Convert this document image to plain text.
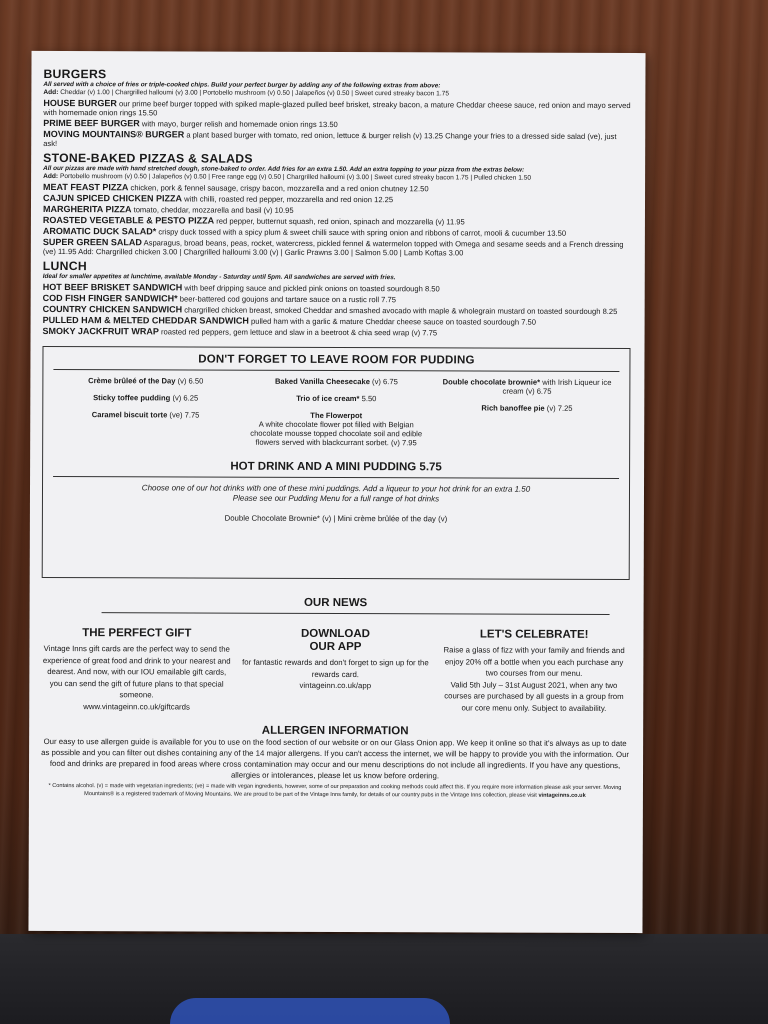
BURGERS
All served with a choice of fries or triple-cooked chips. Build your perfect burger by adding any of the following extras from above:
Add: Cheddar (v) 1.00 | Chargrilled halloumi (v) 3.00 | Portobello mushroom (v) 0.50 | Jalapeños (v) 0.50 | Sweet cured streaky bacon 1.75
HOUSE BURGER our prime beef burger topped with spiked maple-glazed pulled beef brisket, streaky bacon, a mature Cheddar cheese sauce, red onion and mayo served with homemade onion rings 15.50
PRIME BEEF BURGER with mayo, burger relish and homemade onion rings 13.50
MOVING MOUNTAINS® BURGER a plant based burger with tomato, red onion, lettuce & burger relish (v) 13.25 Change your fries to a dressed side salad (ve), just ask!
STONE-BAKED PIZZAS & SALADS
All our pizzas are made with hand stretched dough, stone-baked to order. Add fries for an extra 1.50. Add an extra topping to your pizza from the extras below:
Add: Portobello mushroom (v) 0.50 | Jalapeños (v) 0.50 | Free range egg (v) 0.50 | Chargrilled halloumi (v) 3.00 | Sweet cured streaky bacon 1.75 | Pulled chicken 1.50
MEAT FEAST PIZZA chicken, pork & fennel sausage, crispy bacon, mozzarella and a red onion chutney 12.50
CAJUN SPICED CHICKEN PIZZA with chilli, roasted red pepper, mozzarella and red onion 12.25
MARGHERITA PIZZA tomato, cheddar, mozzarella and basil (v) 10.95
ROASTED VEGETABLE & PESTO PIZZA red pepper, butternut squash, red onion, spinach and mozzarella (v) 11.95
AROMATIC DUCK SALAD* crispy duck tossed with a spicy plum & sweet chilli sauce with spring onion and ribbons of carrot, mooli & cucumber 13.50
SUPER GREEN SALAD Asparagus, broad beans, peas, rocket, watercress, pickled fennel & watermelon topped with Omega and sesame seeds and a French dressing (ve) 11.95 Add: Chargrilled chicken 3.00 | Chargrilled halloumi 3.00 (v) | Garlic Prawns 3.00 | Salmon 5.00 | Lamb Koftas 3.00
LUNCH
Ideal for smaller appetites at lunchtime, available Monday - Saturday until 5pm. All sandwiches are served with fries.
HOT BEEF BRISKET SANDWICH with beef dripping sauce and pickled pink onions on toasted sourdough 8.50
COD FISH FINGER SANDWICH* beer-battered cod goujons and tartare sauce on a rustic roll 7.75
COUNTRY CHICKEN SANDWICH chargrilled chicken breast, smoked Cheddar and smashed avocado with maple & wholegrain mustard on toasted sourdough 8.25
PULLED HAM & MELTED CHEDDAR SANDWICH pulled ham with a garlic & mature Cheddar cheese sauce on toasted sourdough 7.50
SMOKY JACKFRUIT WRAP roasted red peppers, gem lettuce and slaw in a beetroot & chia seed wrap (v) 7.75
DON'T FORGET TO LEAVE ROOM FOR PUDDING
Crème brûleé of the Day (v) 6.50
Sticky toffee pudding (v) 6.25
Caramel biscuit torte (ve) 7.75
Baked Vanilla Cheesecake (v) 6.75
Trio of ice cream* 5.50
The Flowerpot
A white chocolate flower pot filled with Belgian chocolate mousse topped chocolate soil and edible flowers served with blackcurrant sorbet. (v) 7.95
Double chocolate brownie* with Irish Liqueur ice cream (v) 6.75
Rich banoffee pie (v) 7.25
HOT DRINK AND A MINI PUDDING 5.75
Choose one of our hot drinks with one of these mini puddings. Add a liqueur to your hot drink for an extra 1.50
Please see our Pudding Menu for a full range of hot drinks
Double Chocolate Brownie* (v) | Mini crème brûlée of the day (v)
OUR NEWS
THE PERFECT GIFT
Vintage Inns gift cards are the perfect way to send the experience of great food and drink to your nearest and dearest. And now, with our IOU emailable gift cards, you can send the gift of future plans to that special someone.
www.vintageinn.co.uk/giftcards
DOWNLOAD
OUR APP
for fantastic rewards and don't forget to sign up for the rewards card.
vintageinn.co.uk/app
LET'S CELEBRATE!
Raise a glass of fizz with your family and friends and enjoy 20% off a bottle when you each purchase any two courses from our menu.
Valid 5th July – 31st August 2021, when any two courses are purchased by all guests in a group from our core menu only. Subject to availability.
ALLERGEN INFORMATION
Our easy to use allergen guide is available for you to use on the food section of our website or on our Glass Onion app. We keep it online so that it's always as up to date as possible and you can filter out dishes containing any of the 14 major allergens. If you can't access the internet, we will be happy to provide you with the information. Our food and drinks are prepared in food areas where cross contamination may occur and our menu descriptions do not include all ingredients. If you have any questions, allergies or intolerances, please let us know before ordering.
* Contains alcohol. (v) = made with vegetarian ingredients; (ve) = made with vegan ingredients, however, some of our preparation and cooking methods could affect this. If you require more information please ask your server. Moving Mountains® is a registered trademark of Moving Mountains. We are proud to be part of the Vintage Inns family, for details of our country pubs in the Vintage Inns collection, please visit vintageinns.co.uk
